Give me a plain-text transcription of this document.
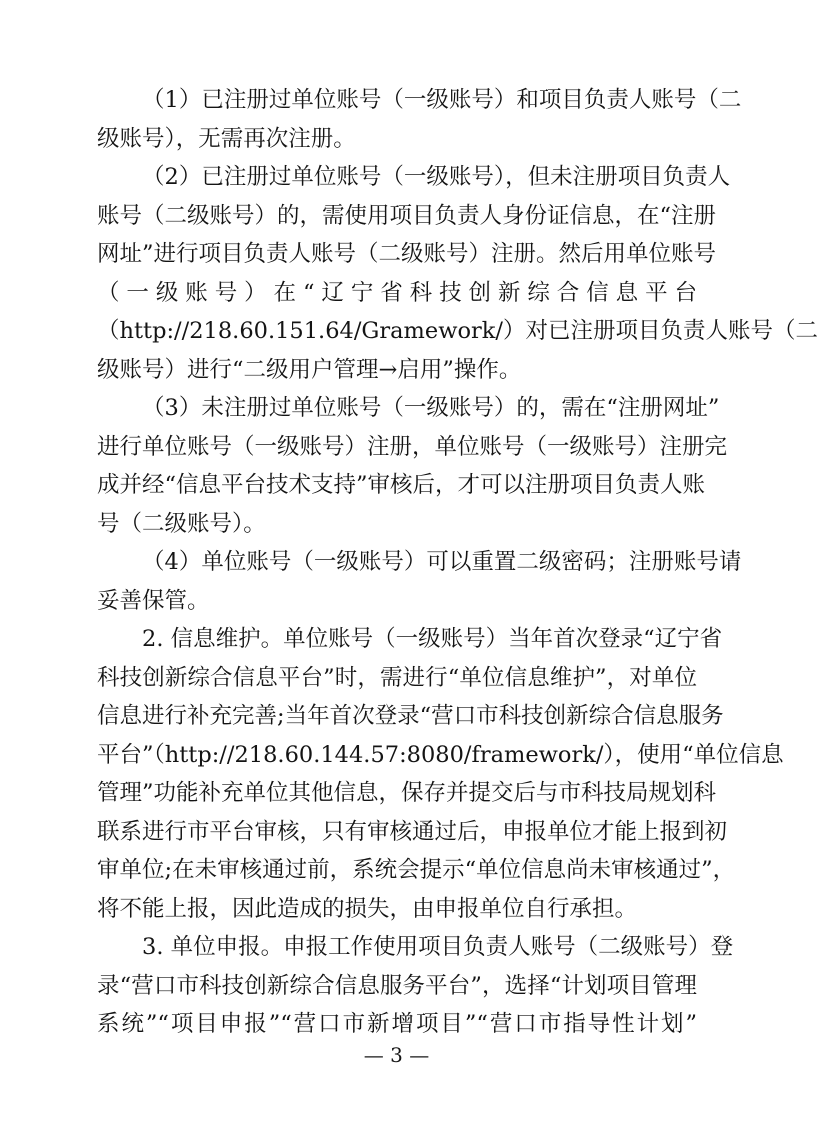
（1）已注册过单位账号（一级账号）和项目负责人账号（二
级账号），无需再次注册。
（2）已注册过单位账号（一级账号），但未注册项目负责人
账号（二级账号）的，需使用项目负责人身份证信息，在“注册
网址”进行项目负责人账号（二级账号）注册。然后用单位账号
（一级账号）在“辽宁省科技创新综合信息平台
（http://218.60.151.64/Gramework/）对已注册项目负责人账号（二
级账号）进行“二级用户管理→启用”操作。
（3）未注册过单位账号（一级账号）的，需在“注册网址”
进行单位账号（一级账号）注册，单位账号（一级账号）注册完
成并经“信息平台技术支持”审核后，才可以注册项目负责人账
号（二级账号）。
（4）单位账号（一级账号）可以重置二级密码；注册账号请
妥善保管。
2. 信息维护。单位账号（一级账号）当年首次登录“辽宁省
科技创新综合信息平台”时，需进行“单位信息维护”，对单位
信息进行补充完善;当年首次登录“营口市科技创新综合信息服务
平台”（http://218.60.144.57:8080/framework/），使用“单位信息
管理”功能补充单位其他信息，保存并提交后与市科技局规划科
联系进行市平台审核，只有审核通过后，申报单位才能上报到初
审单位;在未审核通过前，系统会提示“单位信息尚未审核通过”，
将不能上报，因此造成的损失，由申报单位自行承担。
3. 单位申报。申报工作使用项目负责人账号（二级账号）登
录“营口市科技创新综合信息服务平台”，选择“计划项目管理
系统”“项目申报”“营口市新增项目”“营口市指导性计划”
— 3 —
